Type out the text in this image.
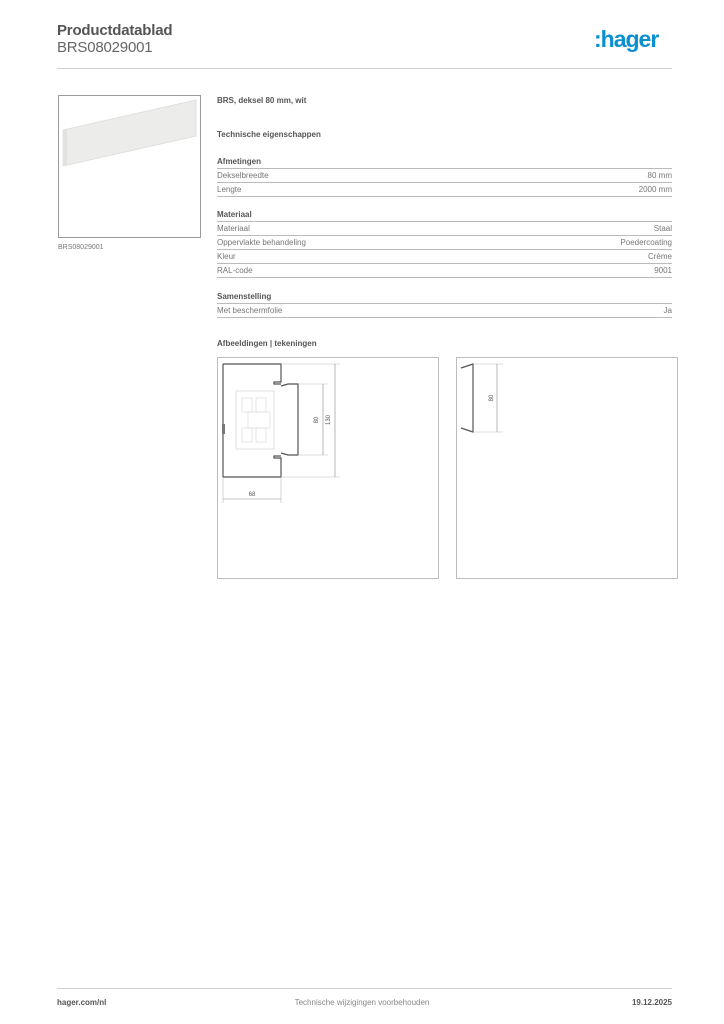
Productdatablad
BRS08029001	:hager
BRS08029001
BRS, deksel 80 mm, wit
Technische eigenschappen
Afmetingen
Dekselbreedte	80 mm
Lengte	2000 mm
Materiaal
Materiaal	Staal
Oppervlakte behandeling	Poedercoating
Kleur	Crème
RAL-code	9001
Samenstelling
Met beschermfolie	Ja
Afbeeldingen | tekeningen
80 130
68
80
hager.com/nl	Technische wijzigingen voorbehouden	19.12.2025
